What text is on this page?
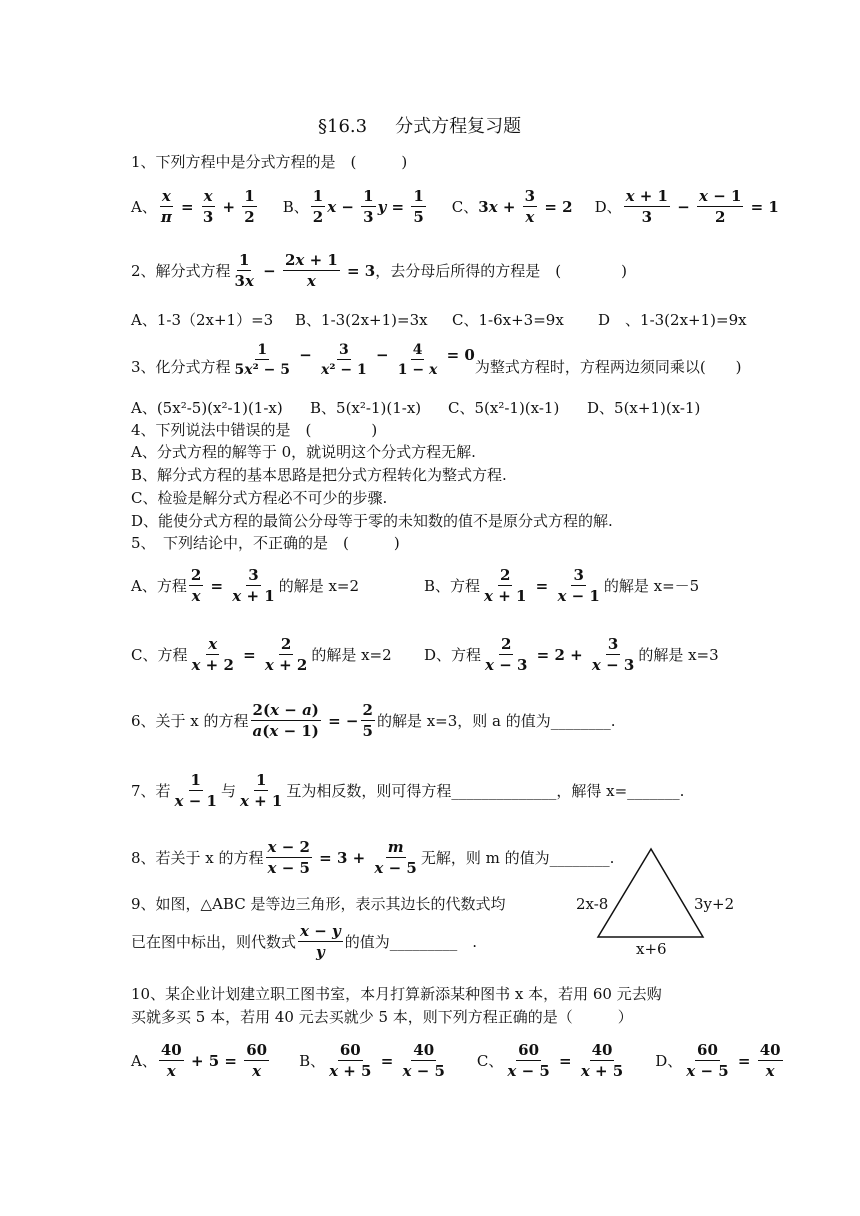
§16.3 分式方程复习题
1、下列方程中是分式方程的是　(　　　)
A、 $\frac{x}{\pi} = \frac{x}{3} + \frac{1}{2}$ B、 $\frac{1}{2}$ $x - \frac{1}{3}$ $y = \frac{1}{5}$ C、 $3x + \frac{3}{x} = 2$ D、 $\frac{x + 1}{3} - \frac{x - 1}{2} = 1$
2、解分式方程 $\frac{1}{3x} - \frac{2x + 1}{x} = 3$ ，去分母后所得的方程是　(　　　　)
A、1-3（2x+1）=3 B、1-3(2x+1)=3x C、1-6x+3=9x D　、1-3(2x+1)=9x
3、化分式方程 $\frac{1}{\text{5x² − 5}} - \frac{3}{\text{x² − 1}} - \frac{4}{1 - x} = 0$
为整式方程时，方程两边须同乘以(　　)
A、(5x²-5)(x²-1)(1-x) B、5(x²-1)(1-x) C、5(x²-1)(x-1) D、5(x+1)(x-1)
4、下列说法中错误的是　(　　　　)
A、分式方程的解等于 0，就说明这个分式方程无解.
B、解分式方程的基本思路是把分式方程转化为整式方程.
C、检验是解分式方程必不可少的步骤.
D、能使分式方程的最简公分母等于零的未知数的值不是原分式方程的解.
5、　下列结论中，不正确的是　(　　　)
A、方程 $\frac{2}{x} = \frac{3}{x + 1}$ 的解是 x=2	B、方程 $\frac{2}{x + 1} = \frac{3}{x - 1}$ 的解是 x=－5
C、方程 $\frac{x}{x + 2} = \frac{2}{x + 2}$ 的解是 x=2 D、方程 $\frac{2}{x - 3} = 2 + \frac{3}{x - 3}$ 的解是 x=3
6、关于 x 的方程 $\frac{2(x - a)}{a(x - 1)}$ = − $\frac{2}{5}$ 的解是 x=3，则 a 的值为________.
7、若 $\frac{1}{x - 1}$ 与 $\frac{1}{x + 1}$ 互为相反数，则可得方程______________，解得 x=_______.
8、若关于 x 的方程 $\frac{x - 2}{x - 5} = 3 + \frac{m}{x - 5}$ 无解，则 m 的值为________.
9、如图，△ABC 是等边三角形，表示其边长的代数式均
已在图中标出，则代数式 $\frac{x - y}{y}$ 的值为_________　.
2x-8	3y+2
x+6
10、某企业计划建立职工图书室，本月打算新添某种图书 x 本，若用 60 元去购
买就多买 5 本，若用 40 元去买就少 5 本，则下列方程正确的是（　　　）
A、 $\frac{40}{x} + 5 = \frac{60}{x}$ B、 $\frac{60}{x + 5} = \frac{40}{x - 5}$ C、 $\frac{60}{x - 5} = \frac{40}{x + 5}$ D、 $\frac{60}{x - 5} = \frac{40}{x}$
